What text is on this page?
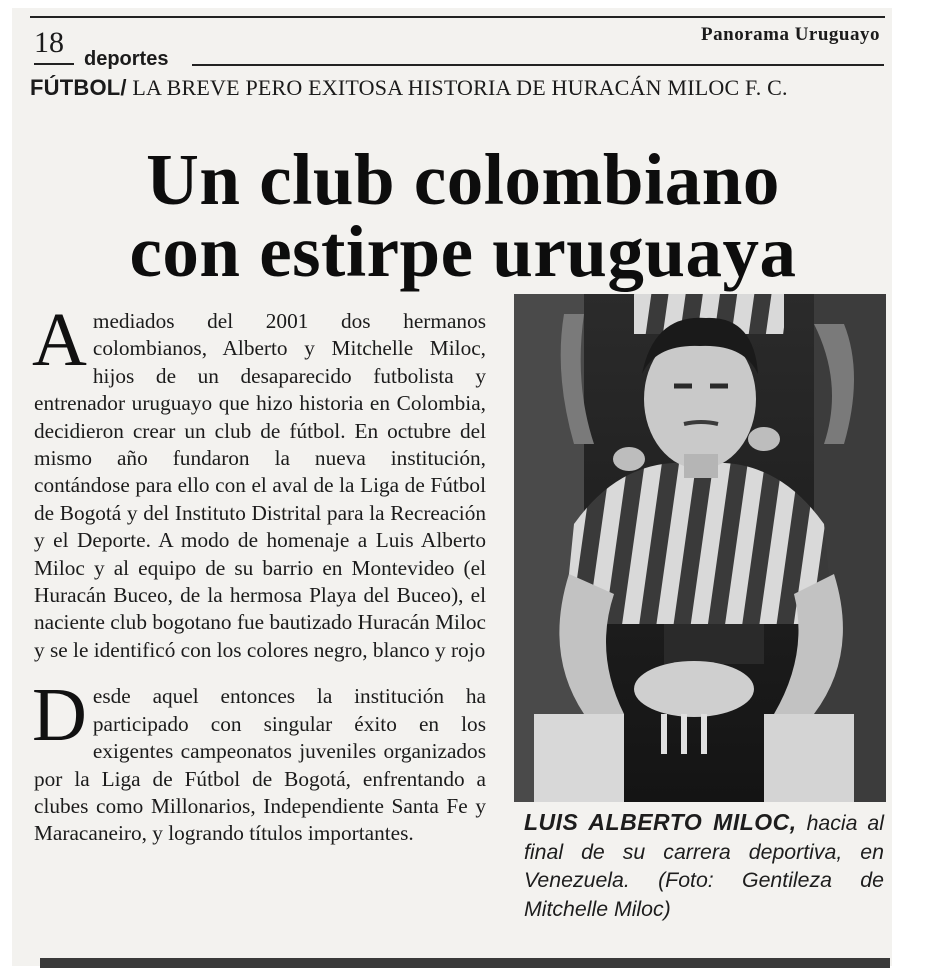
18 deportes
Panorama Uruguayo
FÚTBOL/ LA BREVE PERO EXITOSA HISTORIA DE HURACÁN MILOC F. C.
Un club colombiano
con estirpe uruguaya

A mediados del 2001 dos hermanos colombianos, Alberto y Mitchelle Miloc, hijos de un desaparecido futbolista y entrenador uruguayo que hizo historia en Colombia, decidieron crear un club de fútbol. En octubre del mismo año fundaron la nueva institución, contándose para ello con el aval de la Liga de Fútbol de Bogotá y del Instituto Distrital para la Recreación y el Deporte. A modo de homenaje a Luis Alberto Miloc y al equipo de su barrio en Montevideo (el Huracán Buceo, de la hermosa Playa del Buceo), el naciente club bogotano fue bautizado Huracán Miloc y se le identificó con los colores negro, blanco y rojo

Desde aquel entonces la institución ha participado con singular éxito en los exigentes campeonatos juveniles organizados por la Liga de Fútbol de Bogotá, enfrentando a clubes como Millonarios, Independiente Santa Fe y Maracaneiro, y logrando títulos importantes.	LUIS ALBERTO MILOC, hacia al final de su carrera deportiva, en Venezuela. (Foto: Gentileza de Mitchelle Miloc)
